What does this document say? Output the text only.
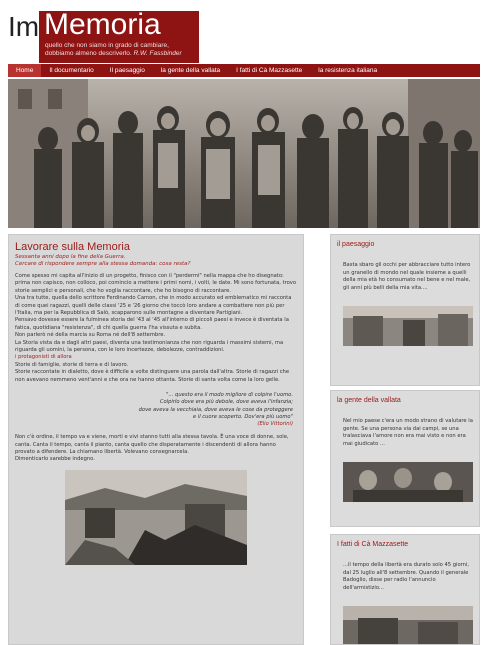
Im Memoria
quello che non siamo in grado di cambiare,
dobbiamo almeno descriverlo. R.W. Fassbinder
Home	Il documentario	Il paesaggio	la gente della vallata	I fatti di Cà Mazzasette	la resistenza italiana
Lavorare sulla Memoria
Sessanta anni dopo la fine della Guerra.
Cercare di rispondere sempre alla stessa domanda: cosa resta?

Come spesso mi capita all'inizio di un progetto, finisco con il "perdermi" nella mappa che ho disegnato: prima non capisco, non colloco, poi comincio a mettere i primi nomi, i volti, le date. Mi sono fortunata, trovo storie semplici e personali, che ho voglia raccontare, che ho bisogno di raccontare.

Una tra tutte, quella dello scrittore Ferdinando Camon, che in modo accurato ed emblematico mi racconta di come quei ragazzi, quelli delle classi '25 e '26 giorno che toccò loro andare a combattere non più per l'Italia, ma per la Repubblica di Salò, scapparono sulle montagne a diventare Partigiani.

Pensavo dovesse essere la fulminea storia del '43 al '45 all'interno di piccoli paesi e invece è diventata la fatica, quotidiana "resistenza", di chi quella guerra l'ha vissuta e subita.

Non parlerò né della marcia su Roma né dell'8 settembre.

La Storia vista da e dagli altri paesi, diventa una testimonianza che non riguarda i massimi sistemi, ma riguarda gli uomini, la persona, con le loro incertezze, debolezze, contraddizioni.

i protagonisti di allora

Storie di famiglie, storie di terra e di lavoro.

Storie raccontate in dialetto, dove è difficile a volte distinguere una parola dall'altra. Storie di ragazzi che non avevano nemmeno vent'anni e che ora ne hanno ottanta. Storie di santa volta come la loro gelle.

"... questo era il modo migliore di colpire l'uomo.
Colpirlo dove era più debole, dove aveva l'infanzia;
dove aveva la vecchiaia, dove aveva le cose da proteggere
e il cuore scoperto. Dov'era più uomo"
(Elio Vittorini)

Non c'è ordine, il tempo va e viene, morti e vivi stanno tutti alla stessa tavola. È una voce di donne, sole, canta. Canta il tempo, canta il pianto, canta quello che disperatamente i discendenti di allora hanno provato a difendere. La chiamano libertà. Volevano consegnarcela.

Dimenticarlo sarebbe indegno.

il paesaggio
Basta sbaro gli occhi per abbracciare tutto intero un granello di mondo nel quale insieme a quelli della mia età ho consumato nel bene e nel male, gli anni più belli della mia vita....
la gente della vallata
Nel mio paese c'era un modo strano di valutare la gente. Se una persona via dai campi, se una tralasciava l'amore non era mai visto e non era mai giudicato ...
I fatti di Cà Mazzasette
...il tempo della libertà era durato solo 45 giorni, dal 25 luglio all'8 settembre. Quando il generale Badoglio, disse per radio l'annuncio dell'armistizio...
